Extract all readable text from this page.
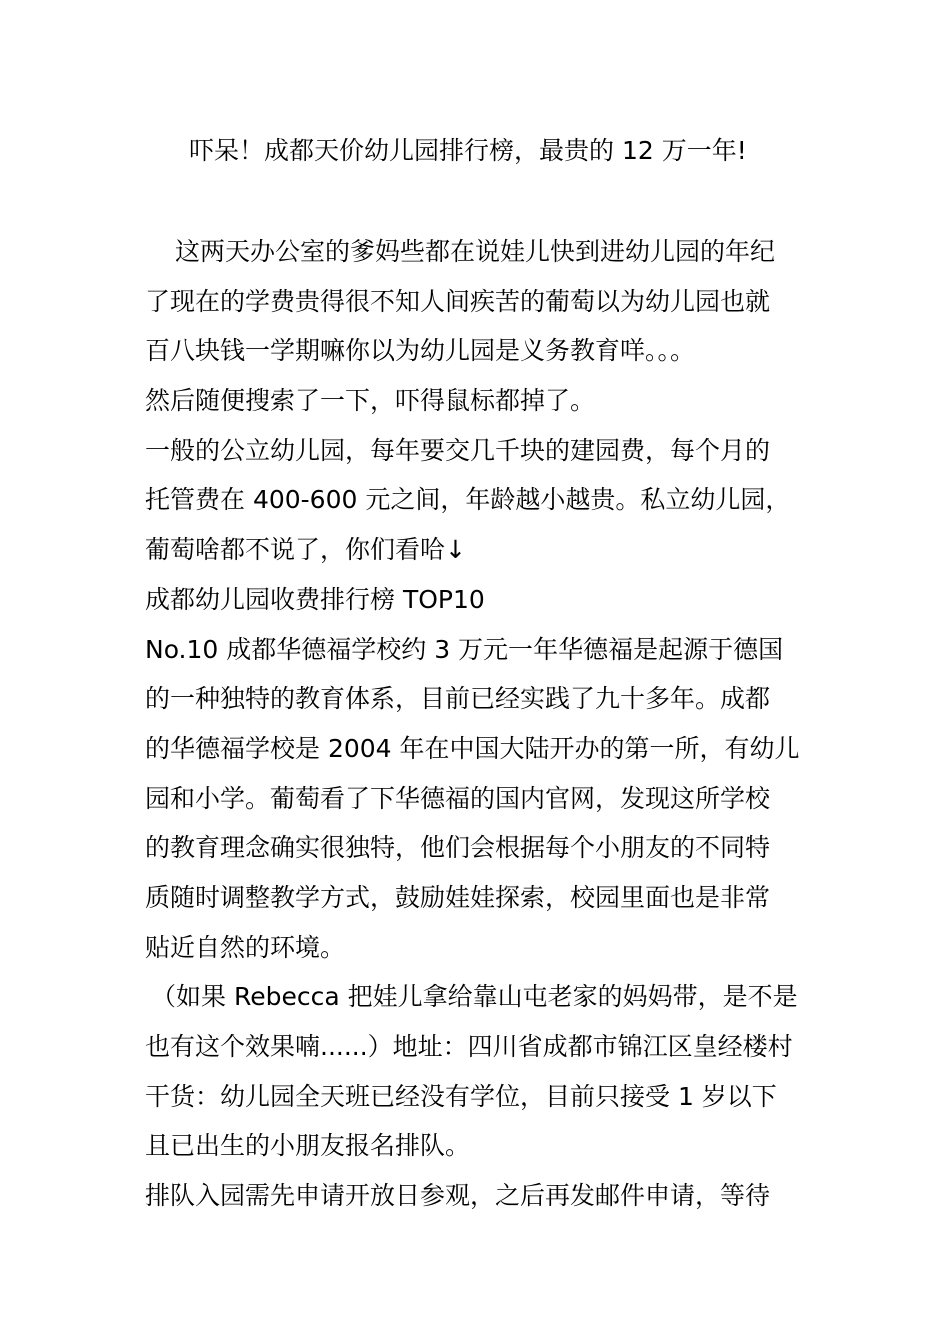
吓呆！成都天价幼儿园排行榜，最贵的 12 万一年!
这两天办公室的爹妈些都在说娃儿快到进幼儿园的年纪
了现在的学费贵得很不知人间疾苦的葡萄以为幼儿园也就
百八块钱一学期嘛你以为幼儿园是义务教育咩。。。
然后随便搜索了一下，吓得鼠标都掉了。
一般的公立幼儿园，每年要交几千块的建园费，每个月的
托管费在 400-600 元之间，年龄越小越贵。私立幼儿园，
葡萄啥都不说了，你们看哈↓
成都幼儿园收费排行榜 TOP10
No.10 成都华德福学校约 3 万元一年华德福是起源于德国
的一种独特的教育体系，目前已经实践了九十多年。成都
的华德福学校是 2004 年在中国大陆开办的第一所，有幼儿
园和小学。葡萄看了下华德福的国内官网，发现这所学校
的教育理念确实很独特，他们会根据每个小朋友的不同特
质随时调整教学方式，鼓励娃娃探索，校园里面也是非常
贴近自然的环境。
（如果 Rebecca 把娃儿拿给靠山屯老家的妈妈带，是不是
也有这个效果喃......）地址：四川省成都市锦江区皇经楼村
干货：幼儿园全天班已经没有学位，目前只接受 1 岁以下
且已出生的小朋友报名排队。
排队入园需先申请开放日参观，之后再发邮件申请，等待
